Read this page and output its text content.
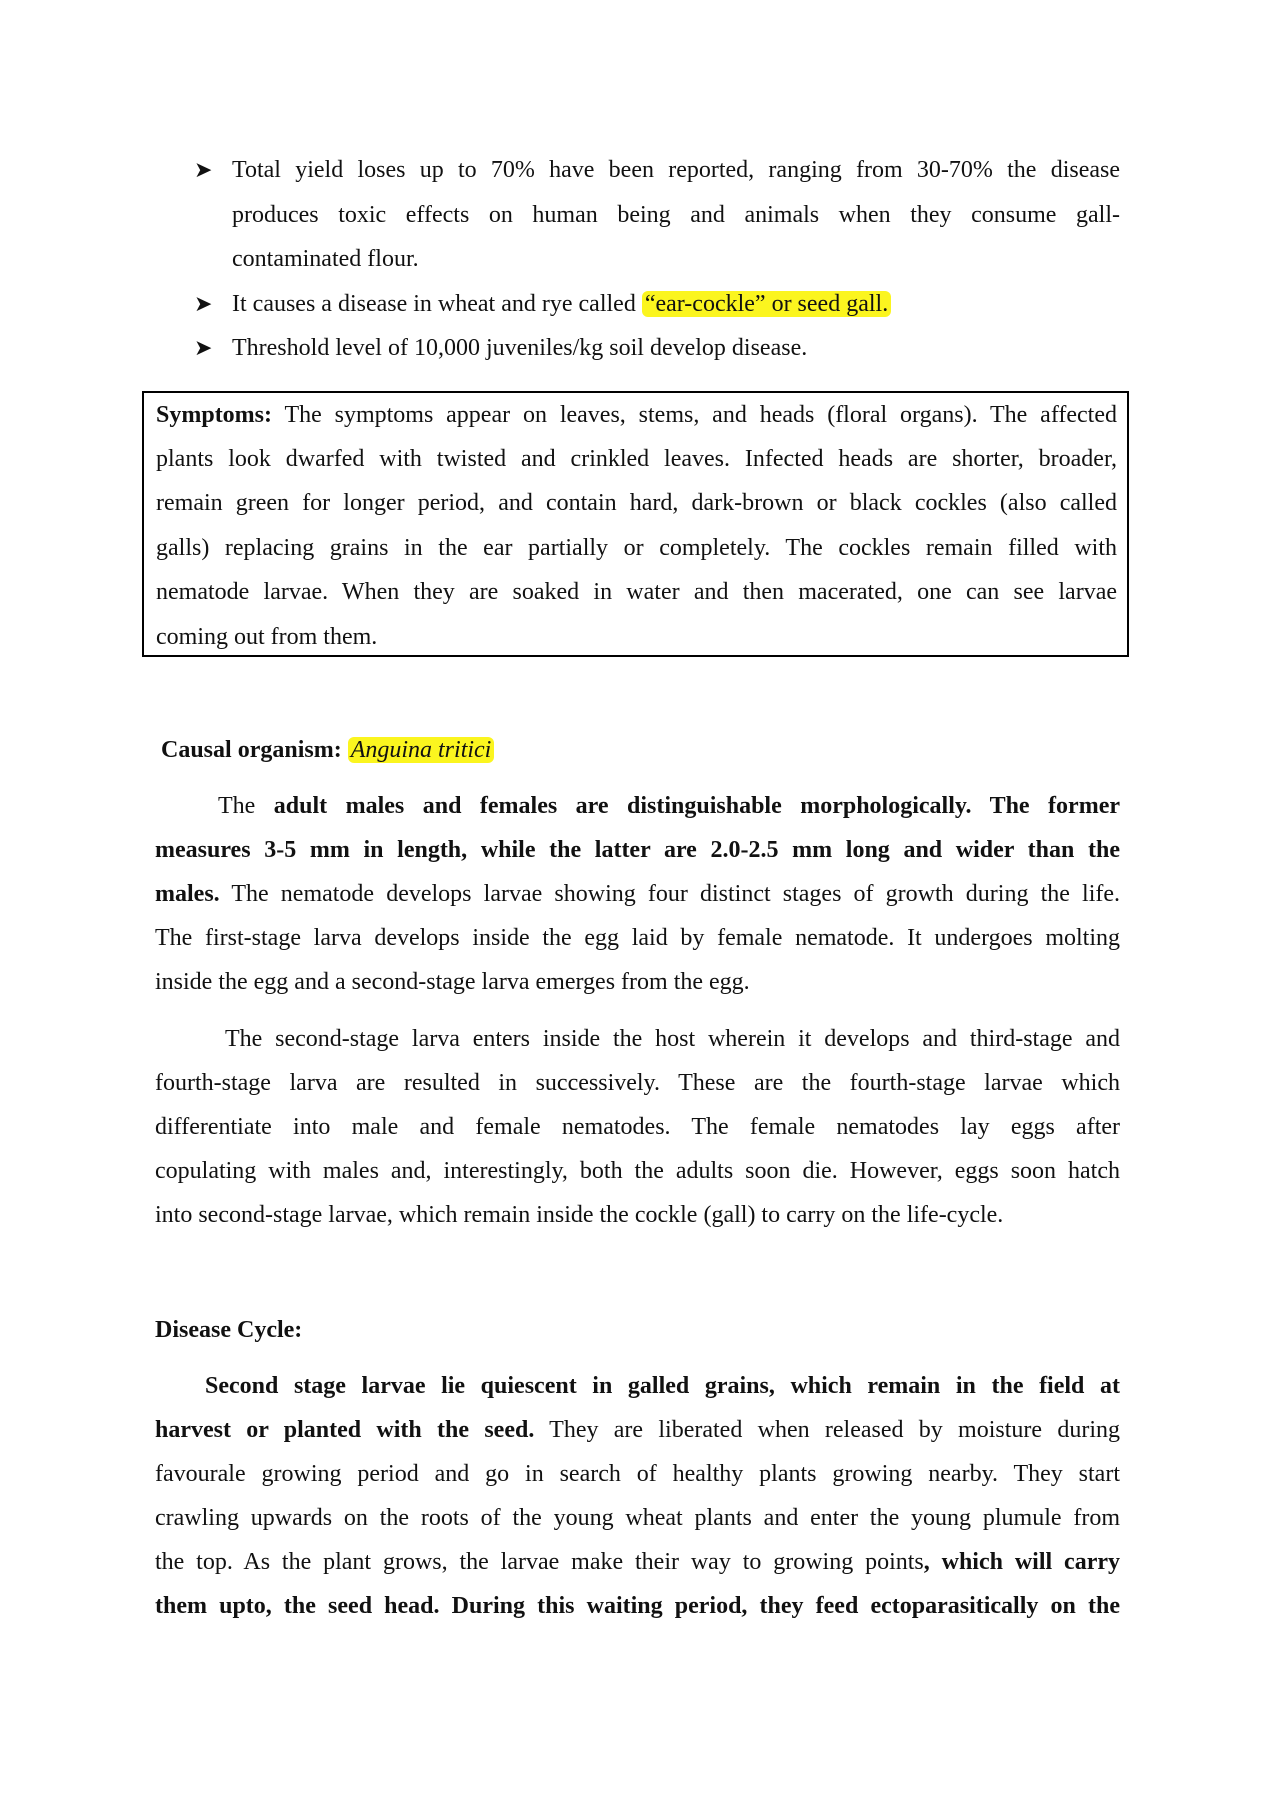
➤ Total yield loses up to 70% have been reported, ranging from 30-70% the disease
produces toxic effects on human being and animals when they consume gall-
contaminated flour.
➤ It causes a disease in wheat and rye called “ear-cockle” or seed gall.
➤ Threshold level of 10,000 juveniles/kg soil develop disease.
Symptoms: The symptoms appear on leaves, stems, and heads (floral organs). The affected
plants look dwarfed with twisted and crinkled leaves. Infected heads are shorter, broader,
remain green for longer period, and contain hard, dark-brown or black cockles (also called
galls) replacing grains in the ear partially or completely. The cockles remain filled with
nematode larvae. When they are soaked in water and then macerated, one can see larvae
coming out from them.
Causal organism: Anguina tritici
The adult males and females are distinguishable morphologically. The former
measures 3-5 mm in length, while the latter are 2.0-2.5 mm long and wider than the
males. The nematode develops larvae showing four distinct stages of growth during the life.
The first-stage larva develops inside the egg laid by female nematode. It undergoes molting
inside the egg and a second-stage larva emerges from the egg.
The second-stage larva enters inside the host wherein it develops and third-stage and
fourth-stage larva are resulted in successively. These are the fourth-stage larvae which
differentiate into male and female nematodes. The female nematodes lay eggs after
copulating with males and, interestingly, both the adults soon die. However, eggs soon hatch
into second-stage larvae, which remain inside the cockle (gall) to carry on the life-cycle.
Disease Cycle:
Second stage larvae lie quiescent in galled grains, which remain in the field at
harvest or planted with the seed. They are liberated when released by moisture during
favourale growing period and go in search of healthy plants growing nearby. They start
crawling upwards on the roots of the young wheat plants and enter the young plumule from
the top. As the plant grows, the larvae make their way to growing points, which will carry
them upto, the seed head. During this waiting period, they feed ectoparasitically on the
